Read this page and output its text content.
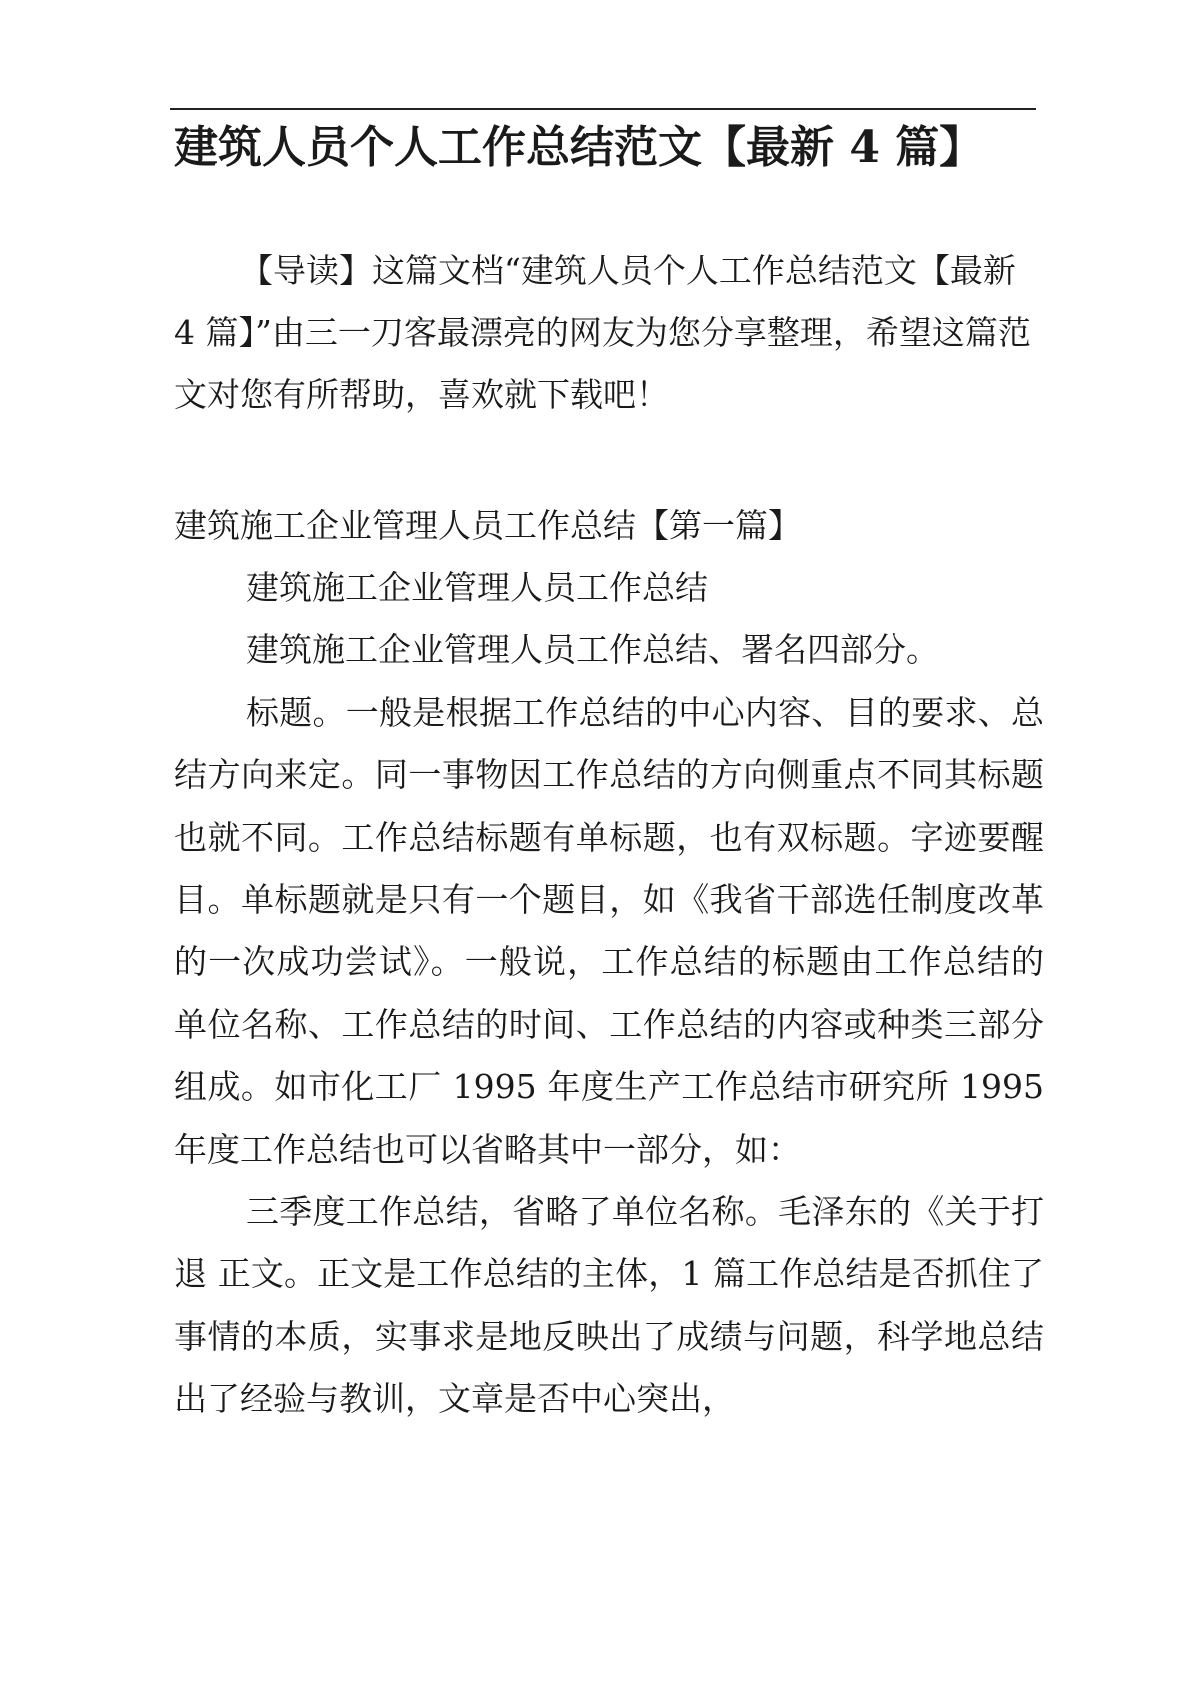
建筑人员个人工作总结范文【最新 4 篇】

【导读】这篇文档“建筑人员个人工作总结范文【最新 4 篇】”由三一刀客最漂亮的网友为您分享整理，希望这篇范文对您有所帮助，喜欢就下载吧！

建筑施工企业管理人员工作总结【第一篇】

建筑施工企业管理人员工作总结

建筑施工企业管理人员工作总结、署名四部分。

标题。一般是根据工作总结的中心内容、目的要求、总结方向来定。同一事物因工作总结的方向侧重点不同其标题也就不同。工作总结标题有单标题，也有双标题。字迹要醒目。单标题就是只有一个题目，如《我省干部选任制度改革的一次成功尝试》。一般说，工作总结的标题由工作总结的单位名称、工作总结的时间、工作总结的内容或种类三部分组成。如市化工厂 1995 年度生产工作总结市研究所 1995 年度工作总结也可以省略其中一部分，如：

三季度工作总结，省略了单位名称。毛泽东的《关于打退 正文。正文是工作总结的主体，1 篇工作总结是否抓住了事情的本质，实事求是地反映出了成绩与问题，科学地总结出了经验与教训，文章是否中心突出，
